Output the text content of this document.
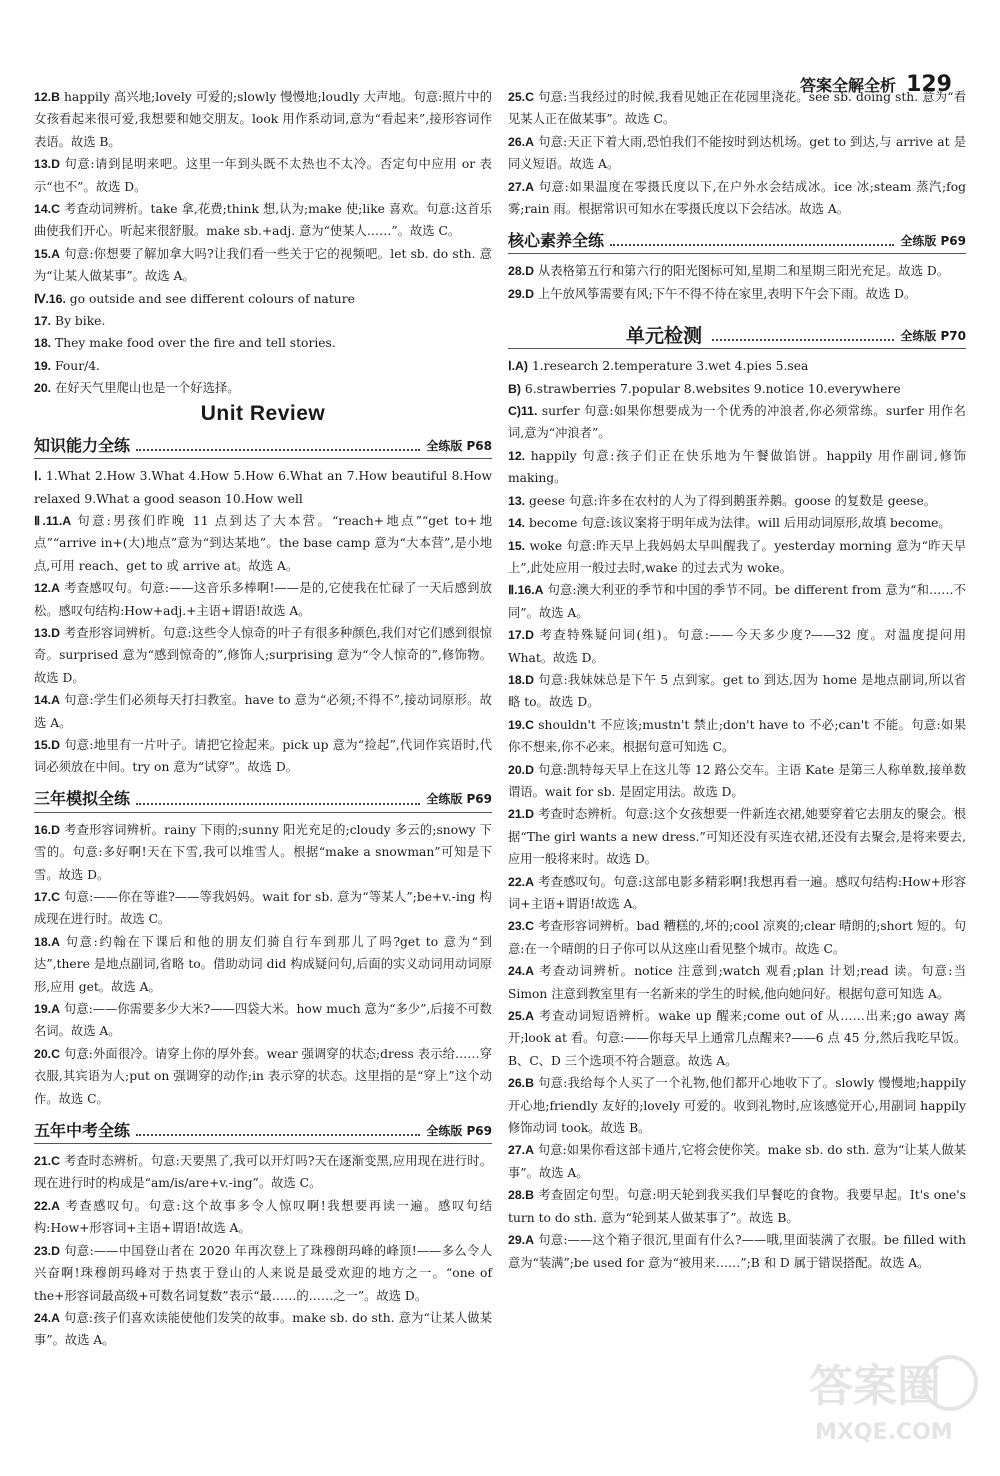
答案全解全析 129
12.B happily 高兴地;lovely 可爱的;slowly 慢慢地;loudly 大声地。句意:照片中的女孩看起来很可爱,我想要和她交朋友。look 用作系动词,意为“看起来”,接形容词作表语。故选 B。
13.D 句意:请到昆明来吧。这里一年到头既不太热也不太冷。否定句中应用 or 表示“也不”。故选 D。
14.C 考查动词辨析。take 拿,花费;think 想,认为;make 使;like 喜欢。句意:这首乐曲使我们开心。听起来很舒服。make sb.+adj. 意为“使某人……”。故选 C。
15.A 句意:你想要了解加拿大吗?让我们看一些关于它的视频吧。let sb. do sth. 意为“让某人做某事”。故选 A。
Ⅳ.16. go outside and see different colours of nature
17. By bike.
18. They make food over the fire and tell stories.
19. Four/4.
20. 在好天气里爬山也是一个好选择。
Unit Review
知识能力全练	全练版 P68
Ⅰ. 1.What 2.How 3.What 4.How 5.How 6.What an 7.How beautiful 8.How relaxed 9.What a good season 10.How well
Ⅱ.11.A 句意:男孩们昨晚 11 点到达了大本营。“reach+地点”“get to+地点”“arrive in+(大)地点”意为“到达某地”。the base camp 意为“大本营”,是小地点,可用 reach、get to 或 arrive at。故选 A。
12.A 考查感叹句。句意:——这音乐多棒啊!——是的,它使我在忙碌了一天后感到放松。感叹句结构:How+adj.+主语+谓语!故选 A。
13.D 考查形容词辨析。句意:这些令人惊奇的叶子有很多种颜色,我们对它们感到很惊奇。surprised 意为“感到惊奇的”,修饰人;surprising 意为“令人惊奇的”,修饰物。故选 D。
14.A 句意:学生们必须每天打扫教室。have to 意为“必须;不得不”,接动词原形。故选 A。
15.D 句意:地里有一片叶子。请把它捡起来。pick up 意为“捡起”,代词作宾语时,代词必须放在中间。try on 意为“试穿”。故选 D。
三年模拟全练	全练版 P69
16.D 考查形容词辨析。rainy 下雨的;sunny 阳光充足的;cloudy 多云的;snowy 下雪的。句意:多好啊!天在下雪,我可以堆雪人。根据“make a snowman”可知是下雪。故选 D。
17.C 句意:——你在等谁?——等我妈妈。wait for sb. 意为“等某人”;be+v.-ing 构成现在进行时。故选 C。
18.A 句意:约翰在下课后和他的朋友们骑自行车到那儿了吗?get to 意为“到达”,there 是地点副词,省略 to。借助动词 did 构成疑问句,后面的实义动词用动词原形,应用 get。故选 A。
19.A 句意:——你需要多少大米?——四袋大米。how much 意为“多少”,后接不可数名词。故选 A。
20.C 句意:外面很冷。请穿上你的厚外套。wear 强调穿的状态;dress 表示给……穿衣服,其宾语为人;put on 强调穿的动作;in 表示穿的状态。这里指的是“穿上”这个动作。故选 C。
五年中考全练	全练版 P69
21.C 考查时态辨析。句意:天要黑了,我可以开灯吗?天在逐渐变黑,应用现在进行时。现在进行时的构成是“am/is/are+v.-ing”。故选 C。
22.A 考查感叹句。句意:这个故事多令人惊叹啊!我想要再读一遍。感叹句结构:How+形容词+主语+谓语!故选 A。
23.D 句意:——中国登山者在 2020 年再次登上了珠穆朗玛峰的峰顶!——多么令人兴奋啊!珠穆朗玛峰对于热衷于登山的人来说是最受欢迎的地方之一。“one of the+形容词最高级+可数名词复数”表示“最……的……之一”。故选 D。
24.A 句意:孩子们喜欢读能使他们发笑的故事。make sb. do sth. 意为“让某人做某事”。故选 A。
25.C 句意:当我经过的时候,我看见她正在花园里浇花。see sb. doing sth. 意为“看见某人正在做某事”。故选 C。
26.A 句意:天正下着大雨,恐怕我们不能按时到达机场。get to 到达,与 arrive at 是同义短语。故选 A。
27.A 句意:如果温度在零摄氏度以下,在户外水会结成冰。ice 冰;steam 蒸汽;fog 雾;rain 雨。根据常识可知水在零摄氏度以下会结冰。故选 A。
核心素养全练	全练版 P69
28.D 从表格第五行和第六行的阳光图标可知,星期二和星期三阳光充足。故选 D。
29.D 上午放风筝需要有风;下午不得不待在家里,表明下午会下雨。故选 D。
单元检测	全练版 P70
Ⅰ.A) 1.research 2.temperature 3.wet 4.pies 5.sea
B) 6.strawberries 7.popular 8.websites 9.notice 10.everywhere
C)11. surfer 句意:如果你想要成为一个优秀的冲浪者,你必须常练。surfer 用作名词,意为“冲浪者”。
12. happily 句意:孩子们正在快乐地为午餐做馅饼。happily 用作副词,修饰 making。
13. geese 句意:许多在农村的人为了得到鹅蛋养鹅。goose 的复数是 geese。
14. become 句意:该议案将于明年成为法律。will 后用动词原形,故填 become。
15. woke 句意:昨天早上我妈妈太早叫醒我了。yesterday morning 意为“昨天早上”,此处应用一般过去时,wake 的过去式为 woke。
Ⅱ.16.A 句意:澳大利亚的季节和中国的季节不同。be different from 意为“和……不同”。故选 A。
17.D 考查特殊疑问词(组)。句意:——今天多少度?——32 度。对温度提问用 What。故选 D。
18.D 句意:我妹妹总是下午 5 点到家。get to 到达,因为 home 是地点副词,所以省略 to。故选 D。
19.C shouldn't 不应该;mustn't 禁止;don't have to 不必;can't 不能。句意:如果你不想来,你不必来。根据句意可知选 C。
20.D 句意:凯特每天早上在这儿等 12 路公交车。主语 Kate 是第三人称单数,接单数谓语。wait for sb. 是固定用法。故选 D。
21.D 考查时态辨析。句意:这个女孩想要一件新连衣裙,她要穿着它去朋友的聚会。根据“The girl wants a new dress.”可知还没有买连衣裙,还没有去聚会,是将来要去,应用一般将来时。故选 D。
22.A 考查感叹句。句意:这部电影多精彩啊!我想再看一遍。感叹句结构:How+形容词+主语+谓语!故选 A。
23.C 考查形容词辨析。bad 糟糕的,坏的;cool 凉爽的;clear 晴朗的;short 短的。句意:在一个晴朗的日子你可以从这座山看见整个城市。故选 C。
24.A 考查动词辨析。notice 注意到;watch 观看;plan 计划;read 读。句意:当 Simon 注意到教室里有一名新来的学生的时候,他向她问好。根据句意可知选 A。
25.A 考查动词短语辨析。wake up 醒来;come out of 从……出来;go away 离开;look at 看。句意:——你每天早上通常几点醒来?——6 点 45 分,然后我吃早饭。B、C、D 三个选项不符合题意。故选 A。
26.B 句意:我给每个人买了一个礼物,他们都开心地收下了。slowly 慢慢地;happily 开心地;friendly 友好的;lovely 可爱的。收到礼物时,应该感觉开心,用副词 happily 修饰动词 took。故选 B。
27.A 句意:如果你看这部卡通片,它将会使你笑。make sb. do sth. 意为“让某人做某事”。故选 A。
28.B 考查固定句型。句意:明天轮到我买我们早餐吃的食物。我要早起。It's one's turn to do sth. 意为“轮到某人做某事了”。故选 B。
29.A 句意:——这个箱子很沉,里面有什么?——哦,里面装满了衣服。be filled with 意为“装满”;be used for 意为“被用来……”;B 和 D 属于错误搭配。故选 A。
答案圈
MXQE.COM
